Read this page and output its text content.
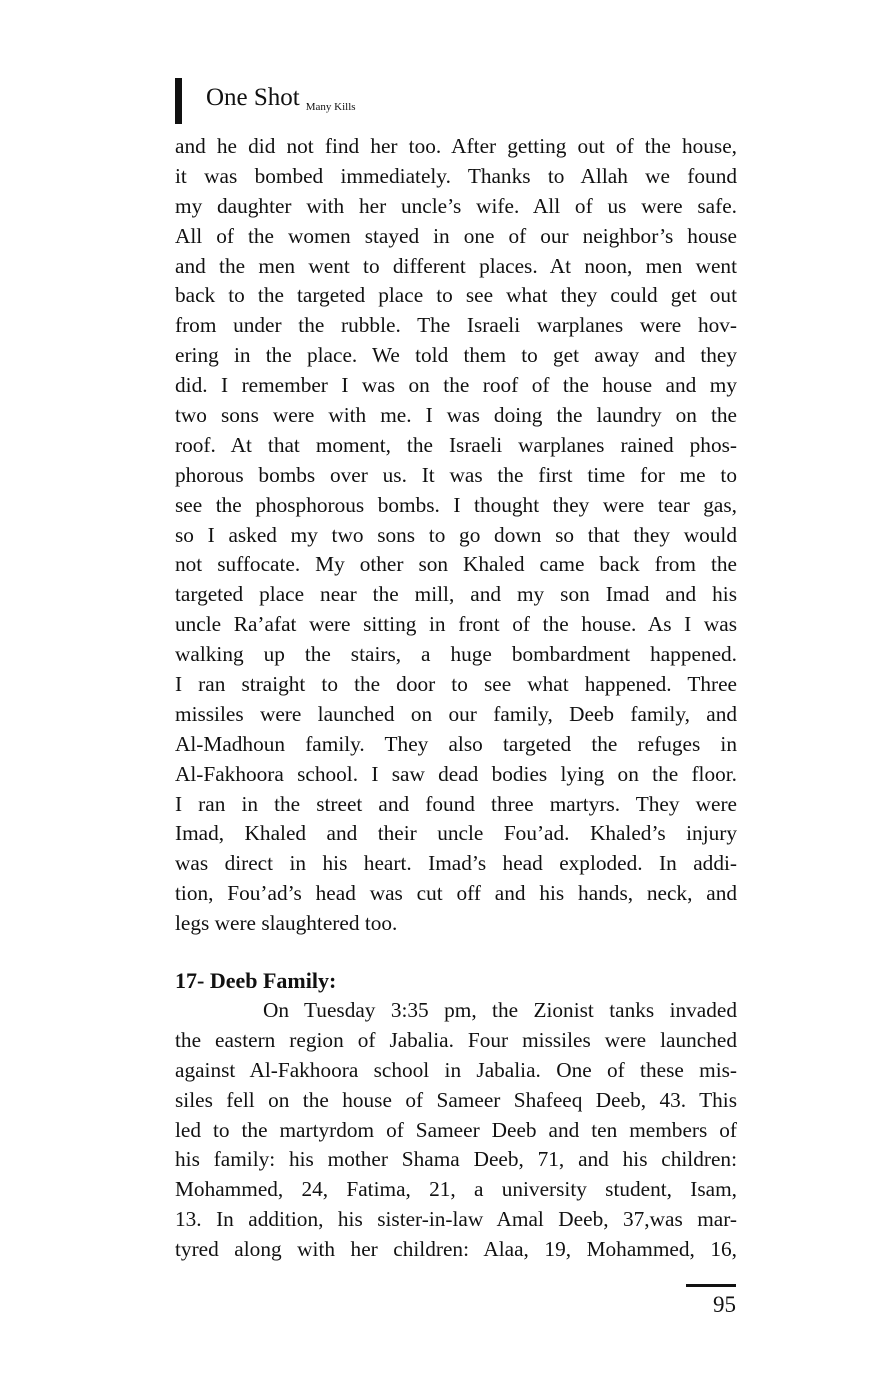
One Shot Many Kills
and he did not find her too. After getting out of the house,
it was bombed immediately. Thanks to Allah we found
my daughter with her uncle’s wife. All of us were safe.
All of the women stayed in one of our neighbor’s house
and the men went to different places. At noon, men went
back to the targeted place to see what they could get out
from under the rubble. The Israeli warplanes were hov-
ering in the place. We told them to get away and they
did. I remember I was on the roof of the house and my
two sons were with me. I was doing the laundry on the
roof. At that moment, the Israeli warplanes rained phos-
phorous bombs over us. It was the first time for me to
see the phosphorous bombs. I thought they were tear gas,
so I asked my two sons to go down so that they would
not suffocate. My other son Khaled came back from the
targeted place near the mill, and my son Imad and his
uncle Ra’afat were sitting in front of the house. As I was
walking up the stairs, a huge bombardment happened.
I ran straight to the door to see what happened. Three
missiles were launched on our family, Deeb family, and
Al-Madhoun family. They also targeted the refuges in
Al-Fakhoora school. I saw dead bodies lying on the floor.
I ran in the street and found three martyrs. They were
Imad, Khaled and their uncle Fou’ad. Khaled’s injury
was direct in his heart. Imad’s head exploded. In addi-
tion, Fou’ad’s head was cut off and his hands, neck, and
legs were slaughtered too.
17- Deeb Family:
On Tuesday 3:35 pm, the Zionist tanks invaded
the eastern region of Jabalia. Four missiles were launched
against Al-Fakhoora school in Jabalia. One of these mis-
siles fell on the house of Sameer Shafeeq Deeb, 43. This
led to the martyrdom of Sameer Deeb and ten members of
his family: his mother Shama Deeb, 71, and his children:
Mohammed, 24, Fatima, 21, a university student, Isam,
13. In addition, his sister-in-law Amal Deeb, 37,was mar-
tyred along with her children: Alaa, 19, Mohammed, 16,
95
